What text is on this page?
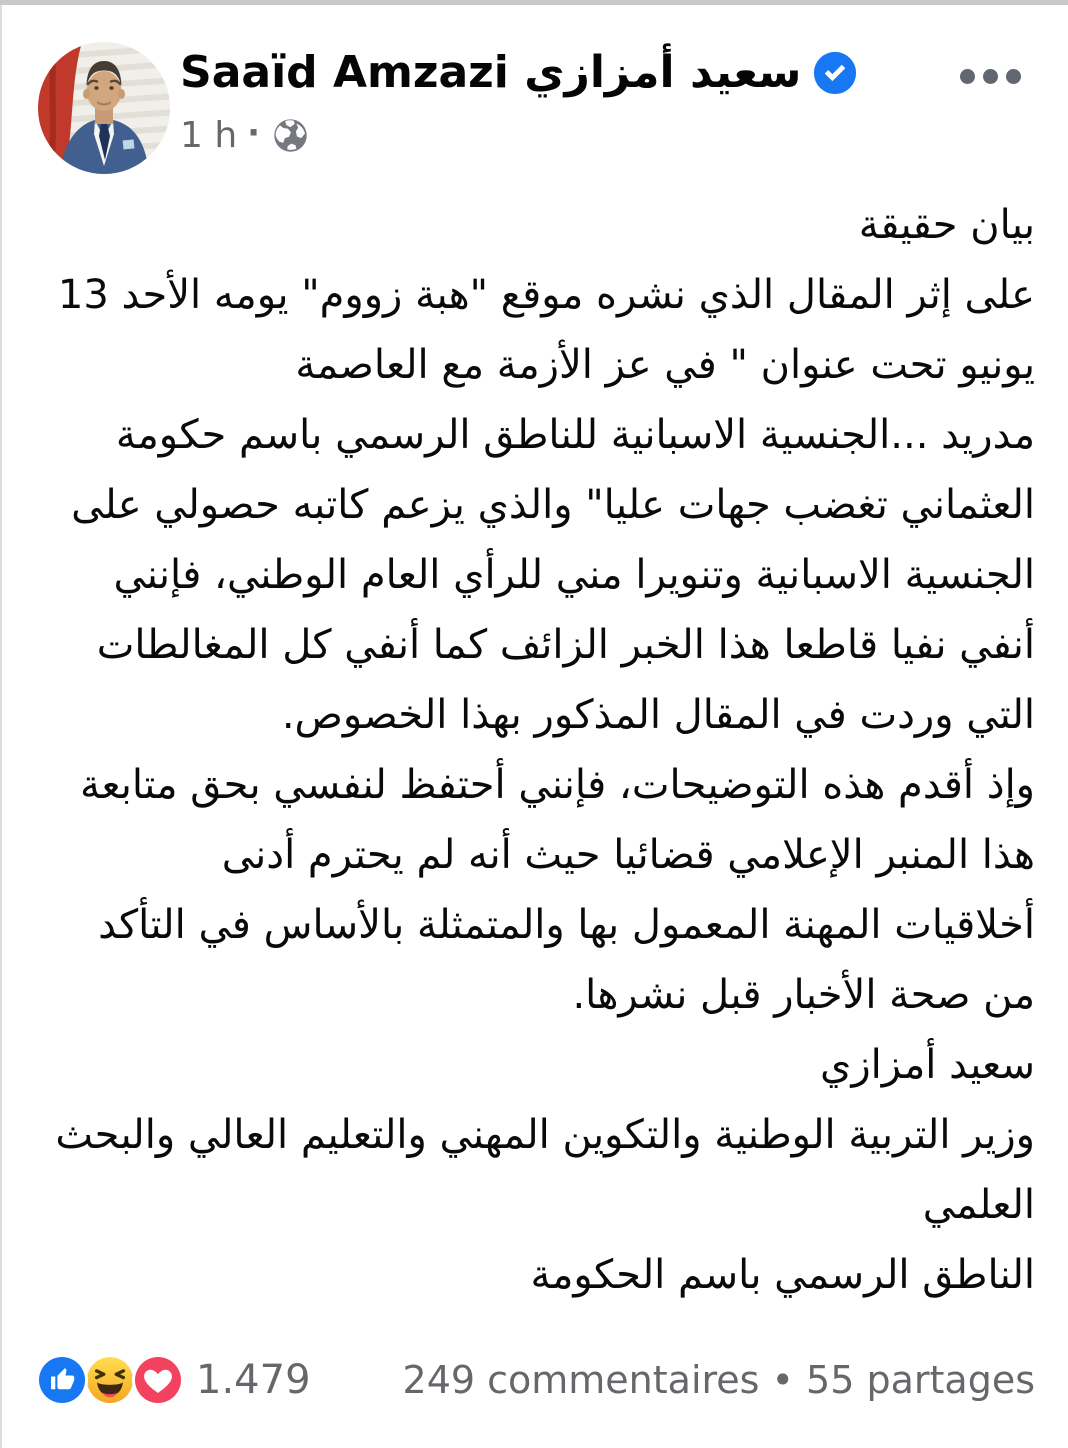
Saaïd Amzazi سعيد أمزازي
1 h ·
بيان حقيقة
على إثر المقال الذي نشره موقع "هبة زووم" يومه الأحد 13
يونيو تحت عنوان " في عز الأزمة مع العاصمة
مدريد ...الجنسية الاسبانية للناطق الرسمي باسم حكومة
العثماني تغضب جهات عليا" والذي يزعم كاتبه حصولي على
الجنسية الاسبانية وتنويرا مني للرأي العام الوطني، فإنني
أنفي نفيا قاطعا هذا الخبر الزائف كما أنفي كل المغالطات
التي وردت في المقال المذكور بهذا الخصوص.
وإذ أقدم هذه التوضيحات، فإنني أحتفظ لنفسي بحق متابعة
هذا المنبر الإعلامي قضائيا حيث أنه لم يحترم أدنى
أخلاقيات المهنة المعمول بها والمتمثلة بالأساس في التأكد
من صحة الأخبار قبل نشرها.
سعيد أمزازي
وزير التربية الوطنية والتكوين المهني والتعليم العالي والبحث
العلمي
الناطق الرسمي باسم الحكومة
1.479 249 commentaires • 55 partages
